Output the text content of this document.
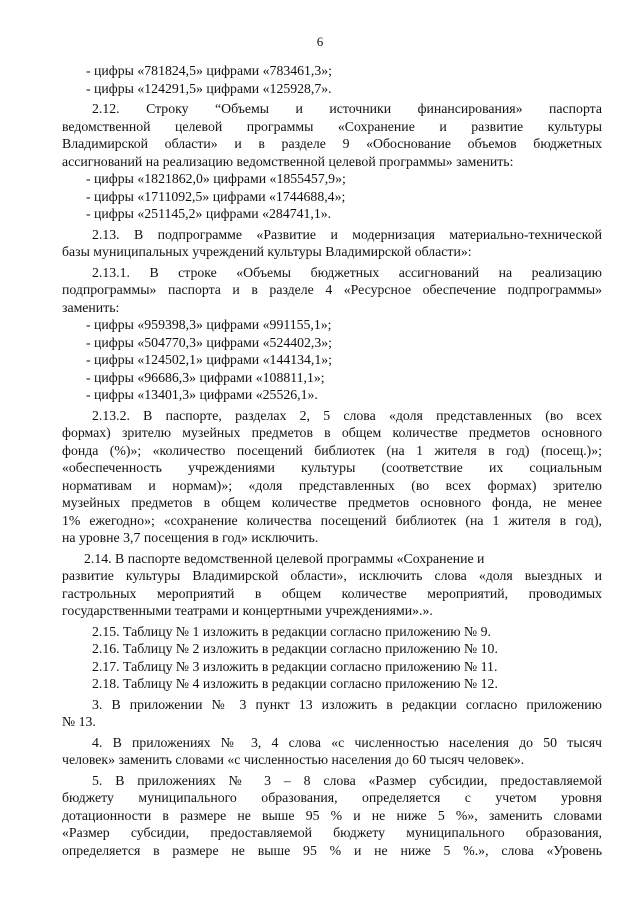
6
- цифры «781824,5» цифрами «783461,3»;
- цифры «124291,5» цифрами «125928,7».
2.12. Строку “Объемы и источники финансирования» паспорта
ведомственной целевой программы «Сохранение и развитие культуры
Владимирской области» и в разделе 9 «Обоснование объемов бюджетных
ассигнований на реализацию ведомственной целевой программы» заменить:
- цифры «1821862,0» цифрами «1855457,9»;
- цифры «1711092,5» цифрами «1744688,4»;
- цифры «251145,2» цифрами «284741,1».
2.13. В подпрограмме «Развитие и модернизация материально-технической
базы муниципальных учреждений культуры Владимирской области»:
2.13.1. В строке «Объемы бюджетных ассигнований на реализацию
подпрограммы» паспорта и в разделе 4 «Ресурсное обеспечение подпрограммы»
заменить:
- цифры «959398,3» цифрами «991155,1»;
- цифры «504770,3» цифрами «524402,3»;
- цифры «124502,1» цифрами «144134,1»;
- цифры «96686,3» цифрами «108811,1»;
- цифры «13401,3» цифрами «25526,1».
2.13.2. В паспорте, разделах 2, 5 слова «доля представленных (во всех
формах) зрителю музейных предметов в общем количестве предметов основного
фонда (%)»; «количество посещений библиотек (на 1 жителя в год) (посещ.)»;
«обеспеченность учреждениями культуры (соответствие их социальным
нормативам и нормам)»; «доля представленных (во всех формах) зрителю
музейных предметов в общем количестве предметов основного фонда, не менее
1% ежегодно»; «сохранение количества посещений библиотек (на 1 жителя в год),
на уровне 3,7 посещения в год» исключить.
2.14. В паспорте ведомственной целевой программы «Сохранение и
развитие культуры Владимирской области», исключить слова «доля выездных и
гастрольных мероприятий в общем количестве мероприятий, проводимых
государственными театрами и концертными учреждениями».».
2.15. Таблицу № 1 изложить в редакции согласно приложению № 9.
2.16. Таблицу № 2 изложить в редакции согласно приложению № 10.
2.17. Таблицу № 3 изложить в редакции согласно приложению № 11.
2.18. Таблицу № 4 изложить в редакции согласно приложению № 12.
3. В приложении № 3 пункт 13 изложить в редакции согласно приложению
№ 13.
4. В приложениях № 3, 4 слова «с численностью населения до 50 тысяч
человек» заменить словами «с численностью населения до 60 тысяч человек».
5. В приложениях № 3 – 8 слова «Размер субсидии, предоставляемой
бюджету муниципального образования, определяется с учетом уровня
дотационности в размере не выше 95 % и не ниже 5 %», заменить словами
«Размер субсидии, предоставляемой бюджету муниципального образования,
определяется в размере не выше 95 % и не ниже 5 %.», слова «Уровень
